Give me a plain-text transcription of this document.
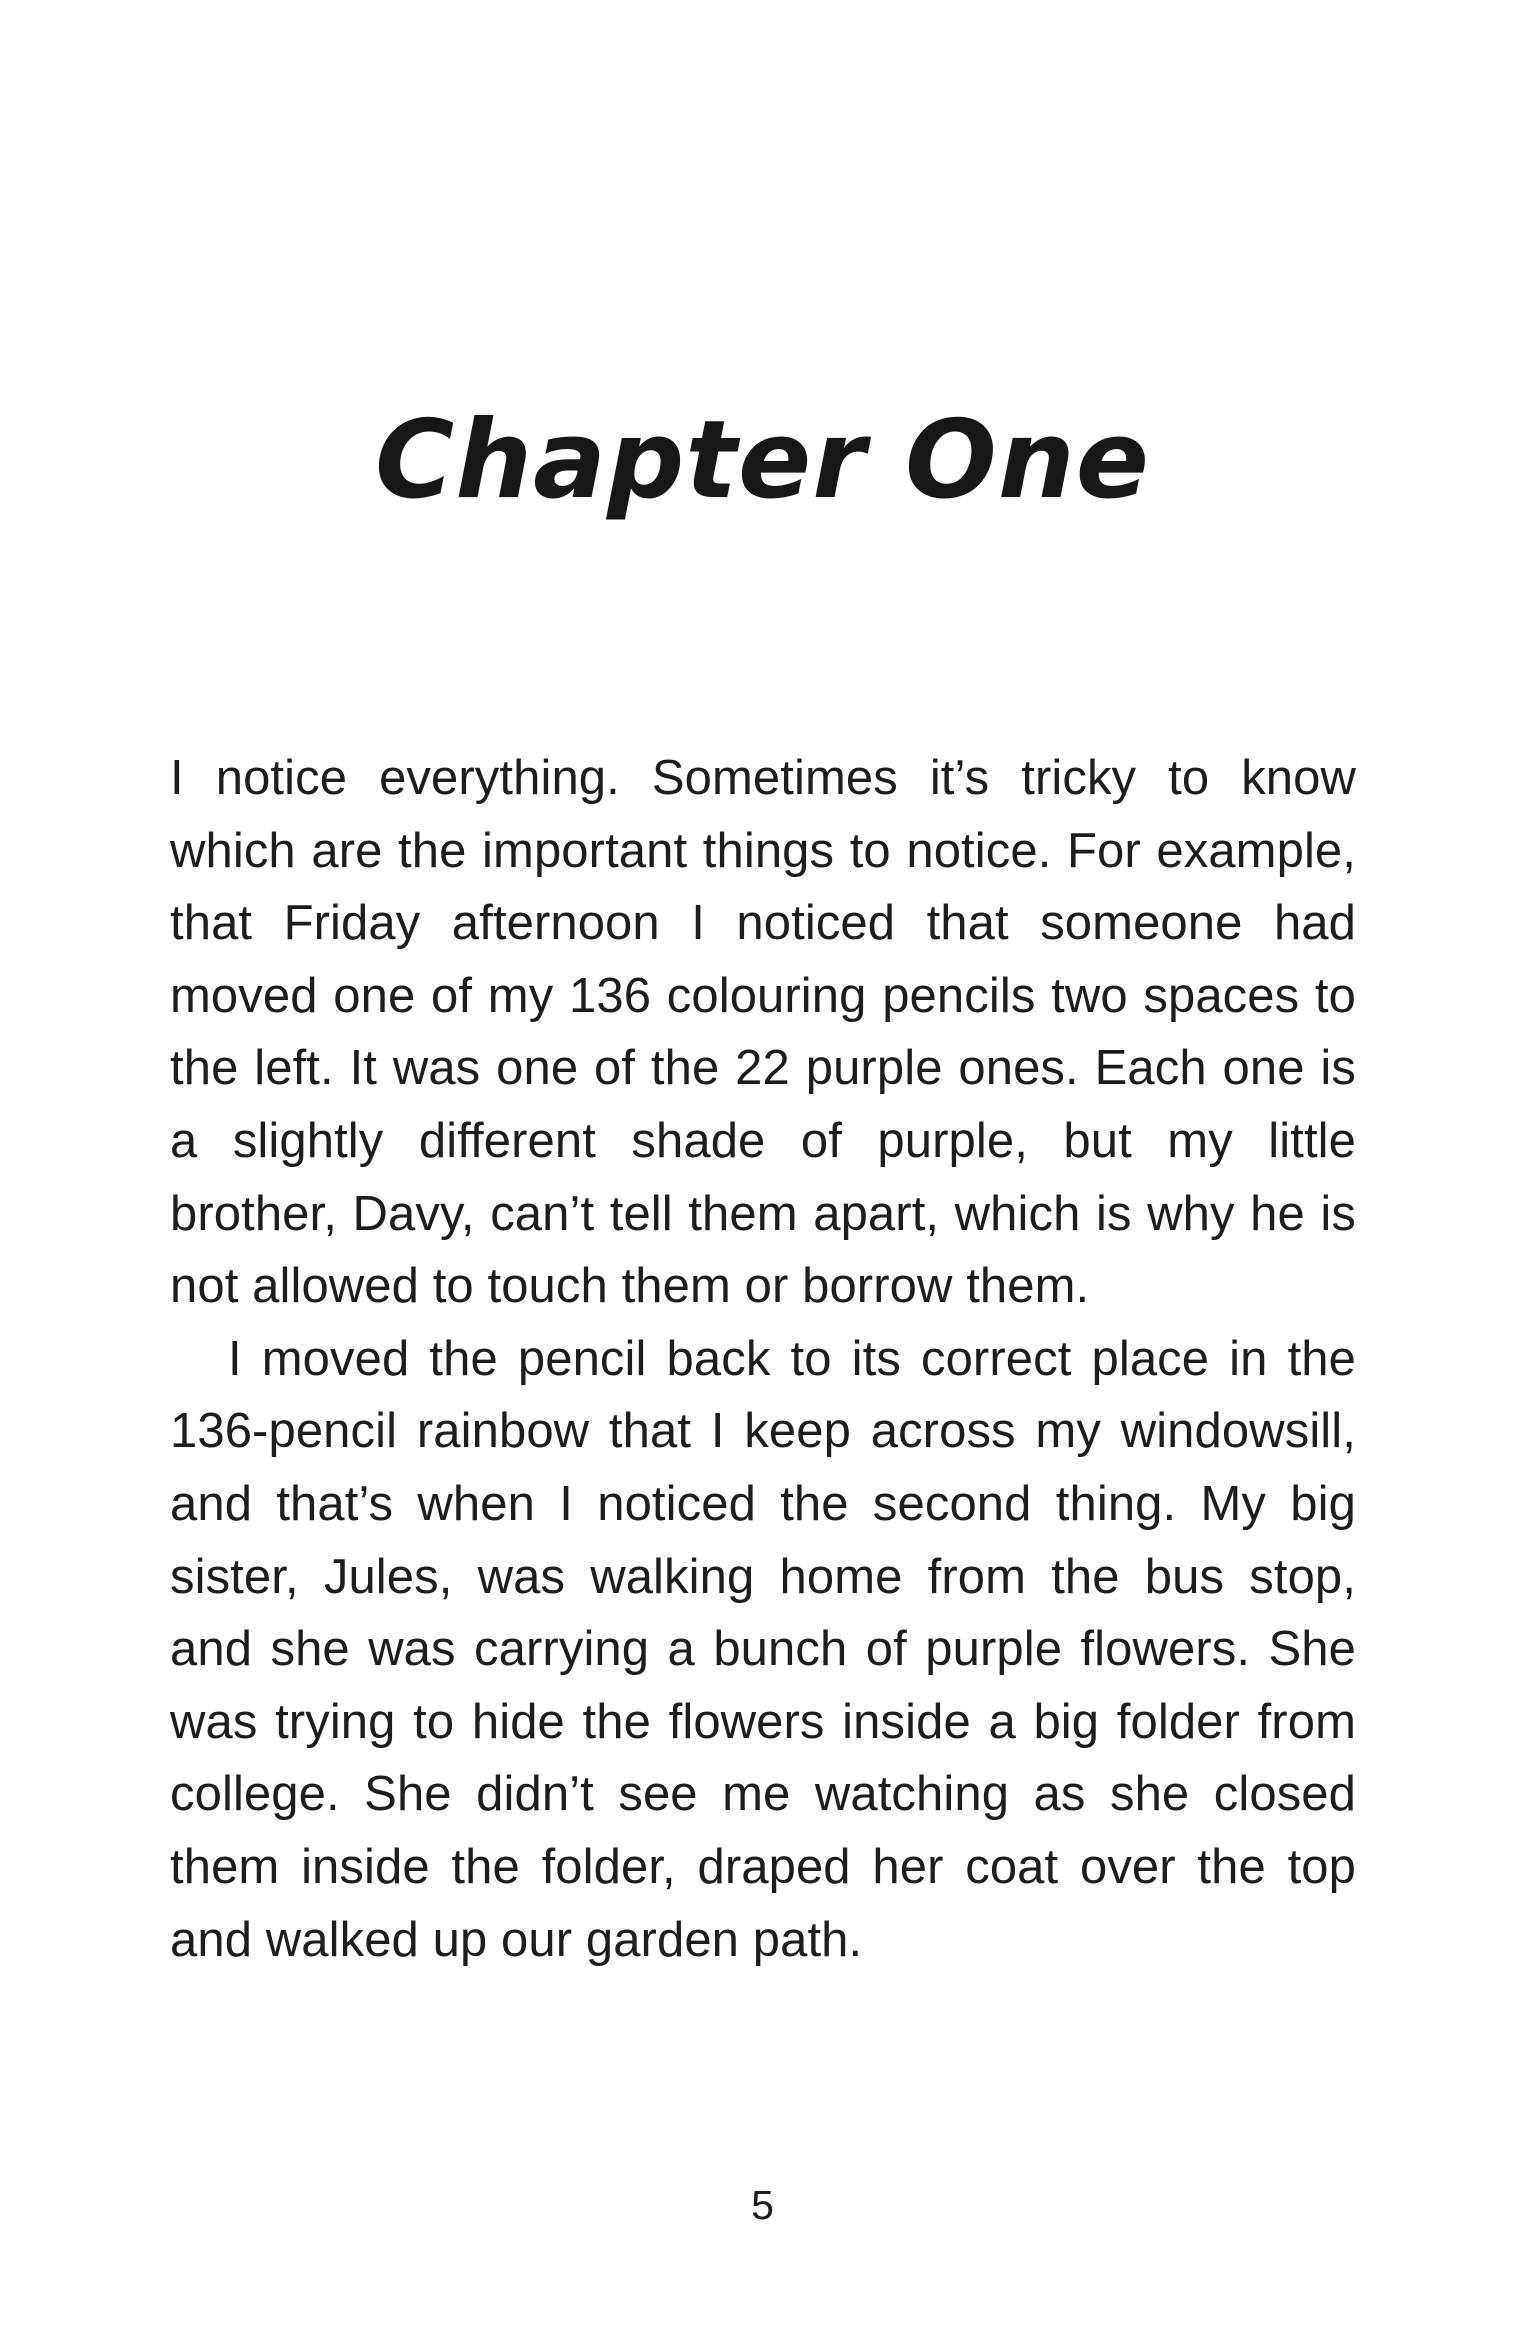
Chapter One

I notice everything. Sometimes it’s tricky to know which are the important things to notice. For example, that Friday afternoon I noticed that someone had moved one of my 136 colouring pencils two spaces to the left. It was one of the 22 purple ones. Each one is a slightly different shade of purple, but my little brother, Davy, can’t tell them apart, which is why he is not allowed to touch them or borrow them.

I moved the pencil back to its correct place in the 136-pencil rainbow that I keep across my windowsill, and that’s when I noticed the second thing. My big sister, Jules, was walking home from the bus stop, and she was carrying a bunch of purple flowers. She was trying to hide the flowers inside a big folder from college. She didn’t see me watching as she closed them inside the folder, draped her coat over the top and walked up our garden path.

5
